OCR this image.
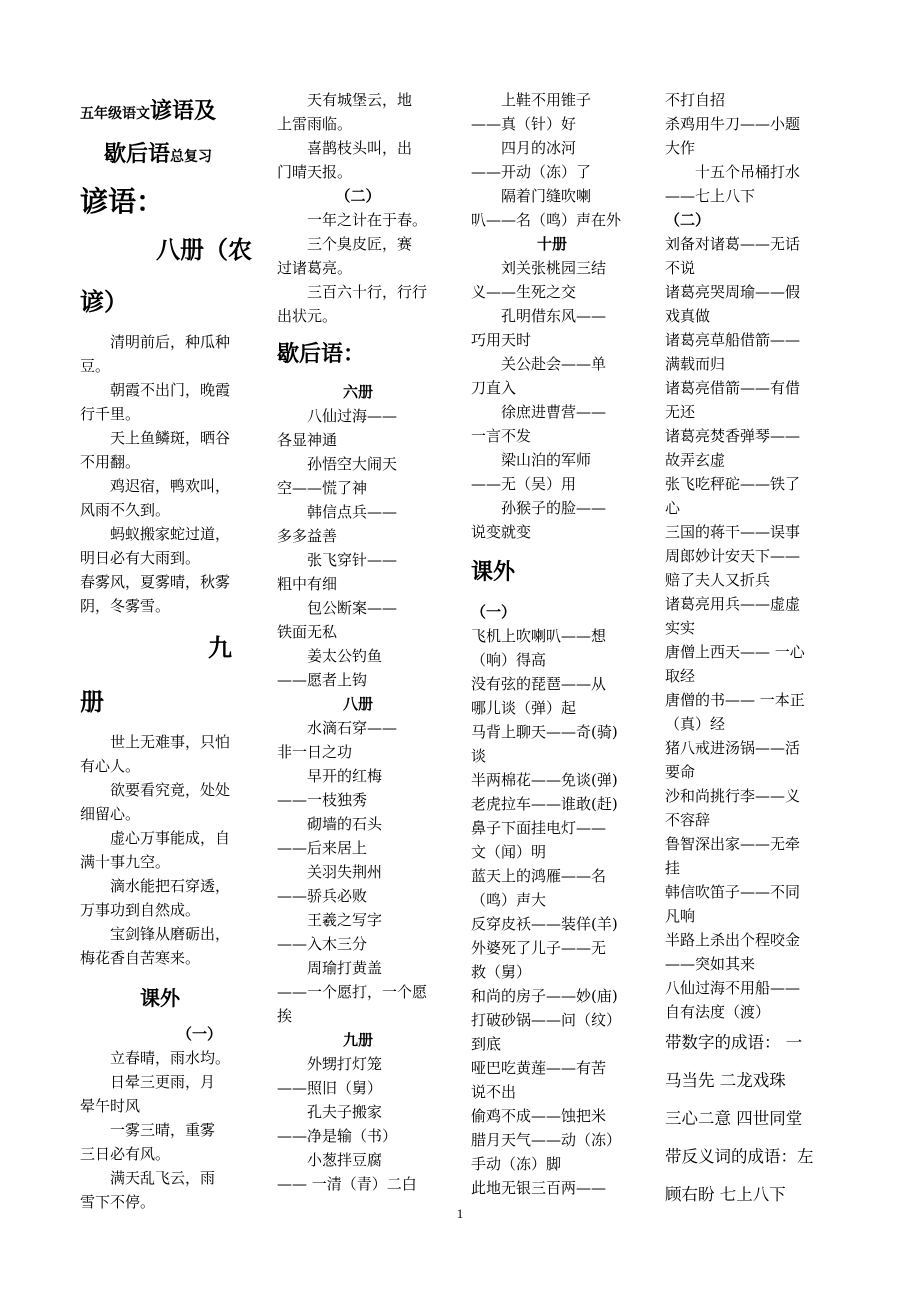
五年级语文谚语及
歇后语总复习

谚语：

八册（农

谚）

清明前后，种瓜种

豆。

朝霞不出门，晚霞

行千里。

天上鱼鳞斑，晒谷

不用翻。

鸡迟宿，鸭欢叫，

风雨不久到。

蚂蚁搬家蛇过道，

明日必有大雨到。

春雾风，夏雾晴，秋雾

阴，冬雾雪。

九

册

世上无难事，只怕

有心人。

欲要看究竟，处处

细留心。

虚心万事能成，自

满十事九空。

滴水能把石穿透，

万事功到自然成。

宝剑锋从磨砺出，

梅花香自苦寒来。

课外

（一）

立春晴，雨水均。

日晕三更雨，月

晕午时风

一雾三晴，重雾

三日必有风。

满天乱飞云，雨

雪下不停。

天有城堡云，地

上雷雨临。

喜鹊枝头叫，出

门晴天报。

（二）

一年之计在于春。

三个臭皮匠，赛

过诸葛亮。

三百六十行，行行

出状元。

歇后语：

六册

八仙过海——

各显神通

孙悟空大闹天

空——慌了神

韩信点兵——

多多益善

张飞穿针——

粗中有细

包公断案——

铁面无私

姜太公钓鱼

——愿者上钩

八册

水滴石穿——

非一日之功

早开的红梅

——一枝独秀

砌墙的石头

——后来居上

关羽失荆州

——骄兵必败

王羲之写字

——入木三分

周瑜打黄盖

——一个愿打，一个愿

挨

九册

外甥打灯笼

——照旧（舅）

孔夫子搬家

——净是输（书）

小葱拌豆腐

—— 一清（青）二白

上鞋不用锥子

——真（针）好

四月的冰河

——开动（冻）了

隔着门缝吹喇

叭——名（鸣）声在外

十册

刘关张桃园三结

义——生死之交

孔明借东风——

巧用天时

关公赴会——单

刀直入

徐庶进曹营——

一言不发

梁山泊的军师

——无（吴）用

孙猴子的脸——

说变就变

课外

（一）

飞机上吹喇叭——想

（响）得高

没有弦的琵琶——从

哪儿谈（弹）起

马背上聊天——奇(骑)

谈

半两棉花——免谈(弹)

老虎拉车——谁敢(赶)

鼻子下面挂电灯——

文（闻）明

蓝天上的鸿雁——名

（鸣）声大

反穿皮袄——装佯(羊)

外婆死了儿子——无

救（舅）

和尚的房子——妙(庙)

打破砂锅——问（纹）

到底

哑巴吃黄莲——有苦

说不出

偷鸡不成——蚀把米

腊月天气——动（冻）

手动（冻）脚

此地无银三百两——

不打自招

杀鸡用牛刀——小题

大作

十五个吊桶打水

——七上八下

（二）

刘备对诸葛——无话

不说

诸葛亮哭周瑜——假

戏真做

诸葛亮草船借箭——

满载而归

诸葛亮借箭——有借

无还

诸葛亮焚香弹琴——

故弄玄虚

张飞吃秤砣——铁了

心

三国的蒋干——误事

周郎妙计安天下——

赔了夫人又折兵

诸葛亮用兵——虚虚

实实

唐僧上西天—— 一心

取经

唐僧的书—— 一本正

（真）经

猪八戒进汤锅——活

要命

沙和尚挑行李——义

不容辞

鲁智深出家——无牵

挂

韩信吹笛子——不同

凡响

半路上杀出个程咬金

——突如其来

八仙过海不用船——

自有法度（渡）

带数字的成语： 一

马当先 二龙戏珠

三心二意 四世同堂

带反义词的成语：左

顾右盼 七上八下

1
